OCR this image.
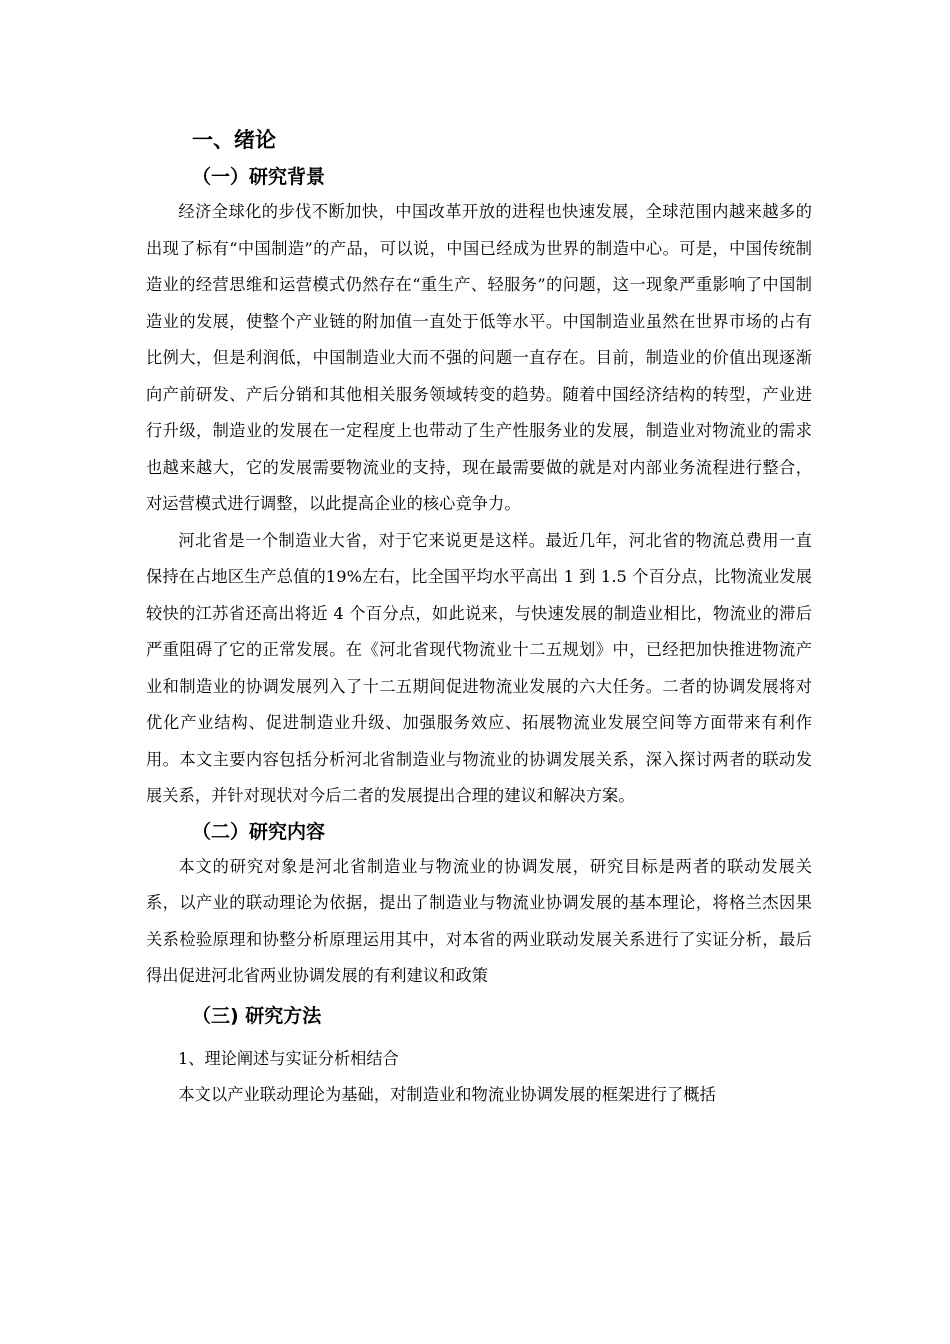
一、绪论
（一）研究背景

经济全球化的步伐不断加快，中国改革开放的进程也快速发展，全球范围内越来越多的出现了标有“中国制造”的产品，可以说，中国已经成为世界的制造中心。可是，中国传统制造业的经营思维和运营模式仍然存在“重生产、轻服务”的问题，这一现象严重影响了中国制造业的发展，使整个产业链的附加值一直处于低等水平。中国制造业虽然在世界市场的占有比例大，但是利润低，中国制造业大而不强的问题一直存在。目前，制造业的价值出现逐渐向产前研发、产后分销和其他相关服务领域转变的趋势。随着中国经济结构的转型，产业进行升级，制造业的发展在一定程度上也带动了生产性服务业的发展，制造业对物流业的需求也越来越大，它的发展需要物流业的支持，现在最需要做的就是对内部业务流程进行整合，对运营模式进行调整，以此提高企业的核心竞争力。

河北省是一个制造业大省，对于它来说更是这样。最近几年，河北省的物流总费用一直保持在占地区生产总值的19%左右，比全国平均水平高出 1 到 1.5 个百分点，比物流业发展较快的江苏省还高出将近 4 个百分点，如此说来，与快速发展的制造业相比，物流业的滞后严重阻碍了它的正常发展。在《河北省现代物流业十二五规划》中，已经把加快推进物流产业和制造业的协调发展列入了十二五期间促进物流业发展的六大任务。二者的协调发展将对优化产业结构、促进制造业升级、加强服务效应、拓展物流业发展空间等方面带来有利作用。本文主要内容包括分析河北省制造业与物流业的协调发展关系，深入探讨两者的联动发展关系，并针对现状对今后二者的发展提出合理的建议和解决方案。

（二）研究内容

本文的研究对象是河北省制造业与物流业的协调发展，研究目标是两者的联动发展关系，以产业的联动理论为依据，提出了制造业与物流业协调发展的基本理论，将格兰杰因果关系检验原理和协整分析原理运用其中，对本省的两业联动发展关系进行了实证分析，最后得出促进河北省两业协调发展的有利建议和政策

（三) 研究方法
1、理论阐述与实证分析相结合

本文以产业联动理论为基础，对制造业和物流业协调发展的框架进行了概括
